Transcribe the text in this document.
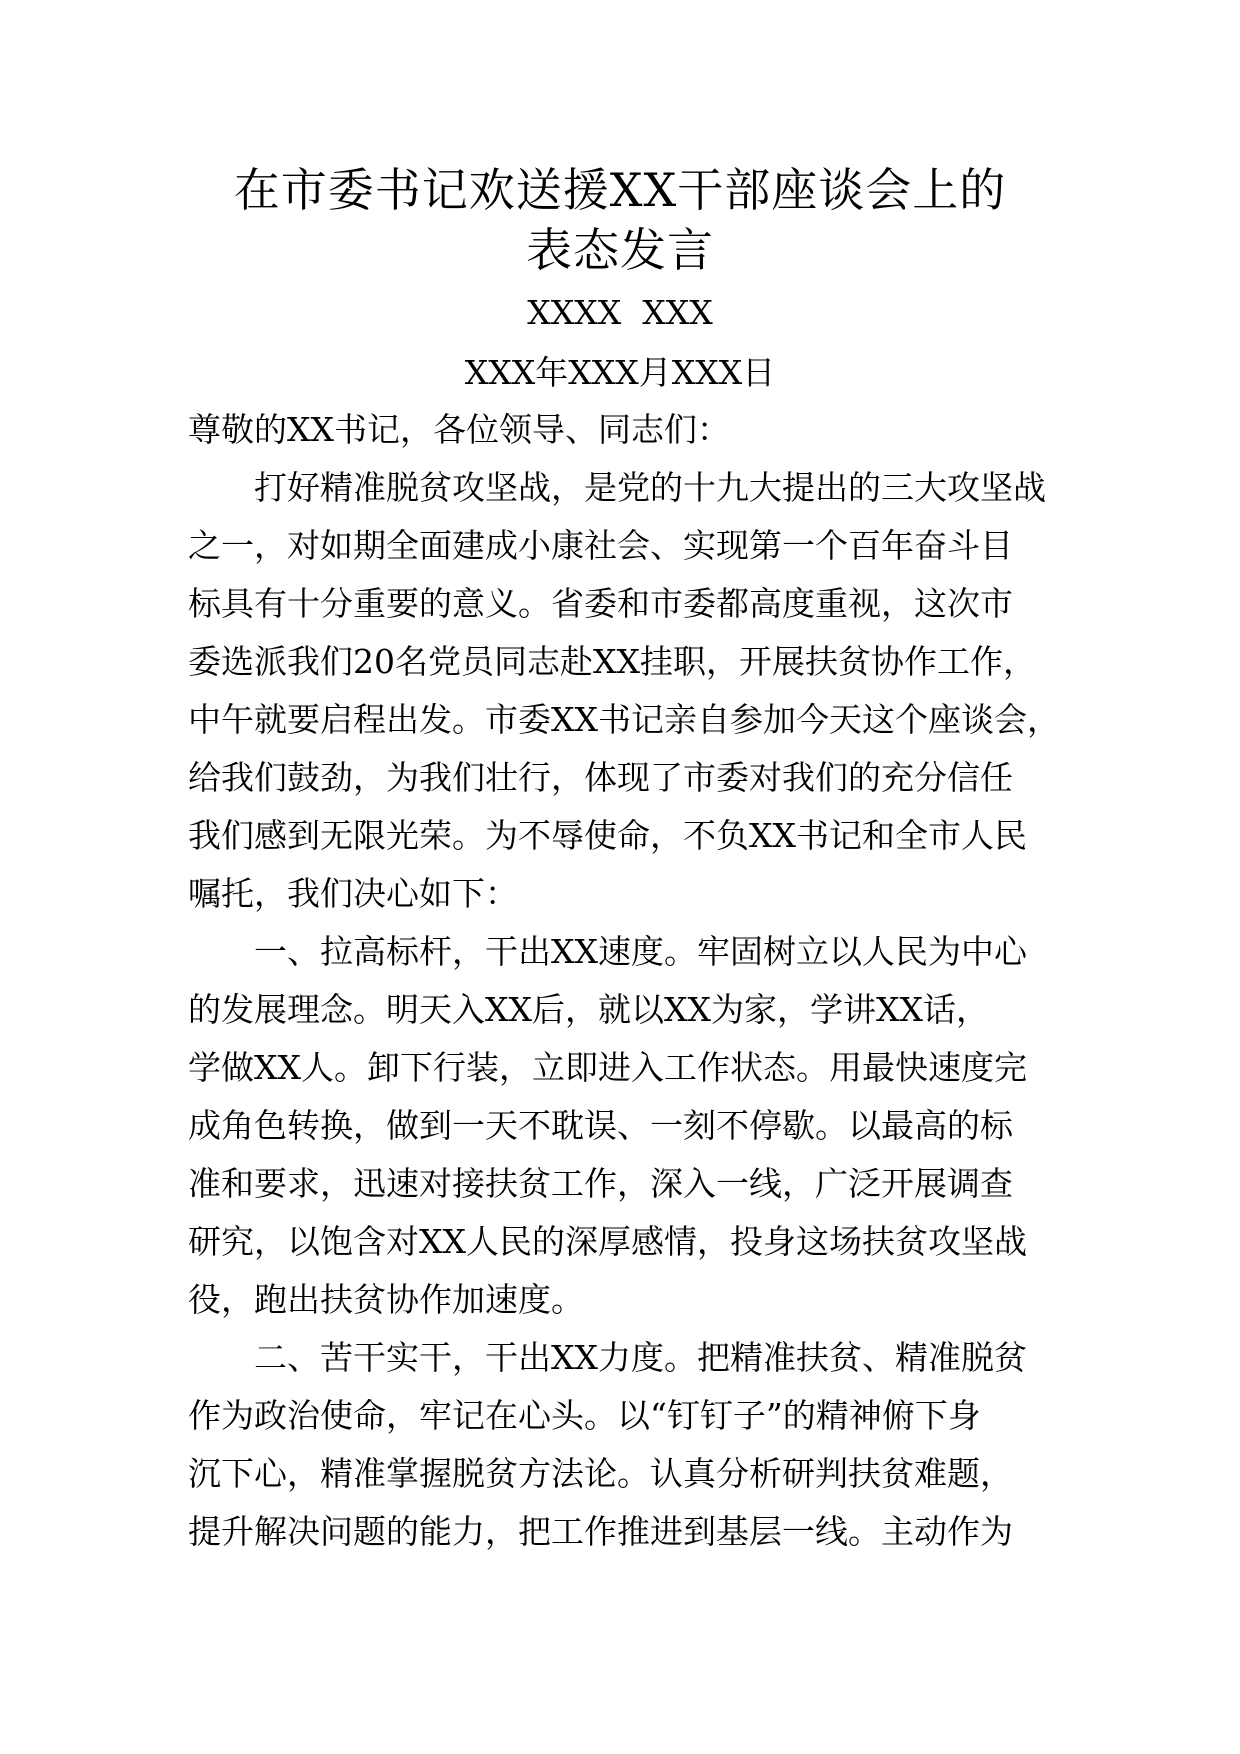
在市委书记欢送援XX干部座谈会上的
表态发言

XXXX  XXX

XXX年XXX月XXX日

尊敬的XX书记，各位领导、同志们：

打好精准脱贫攻坚战，是党的十九大提出的三大攻坚战

之一，对如期全面建成小康社会、实现第一个百年奋斗目

标具有十分重要的意义。省委和市委都高度重视，这次市

委选派我们20名党员同志赴XX挂职，开展扶贫协作工作，

中午就要启程出发。市委XX书记亲自参加今天这个座谈会，

给我们鼓劲，为我们壮行，体现了市委对我们的充分信任

我们感到无限光荣。为不辱使命，不负XX书记和全市人民

嘱托，我们决心如下：

一、拉高标杆，干出XX速度。牢固树立以人民为中心

的发展理念。明天入XX后，就以XX为家，学讲XX话，

学做XX人。卸下行装，立即进入工作状态。用最快速度完

成角色转换，做到一天不耽误、一刻不停歇。以最高的标

准和要求，迅速对接扶贫工作，深入一线，广泛开展调查

研究，以饱含对XX人民的深厚感情，投身这场扶贫攻坚战

役，跑出扶贫协作加速度。

二、苦干实干，干出XX力度。把精准扶贫、精准脱贫

作为政治使命，牢记在心头。以“钉钉子”的精神俯下身

沉下心，精准掌握脱贫方法论。认真分析研判扶贫难题，

提升解决问题的能力，把工作推进到基层一线。主动作为
